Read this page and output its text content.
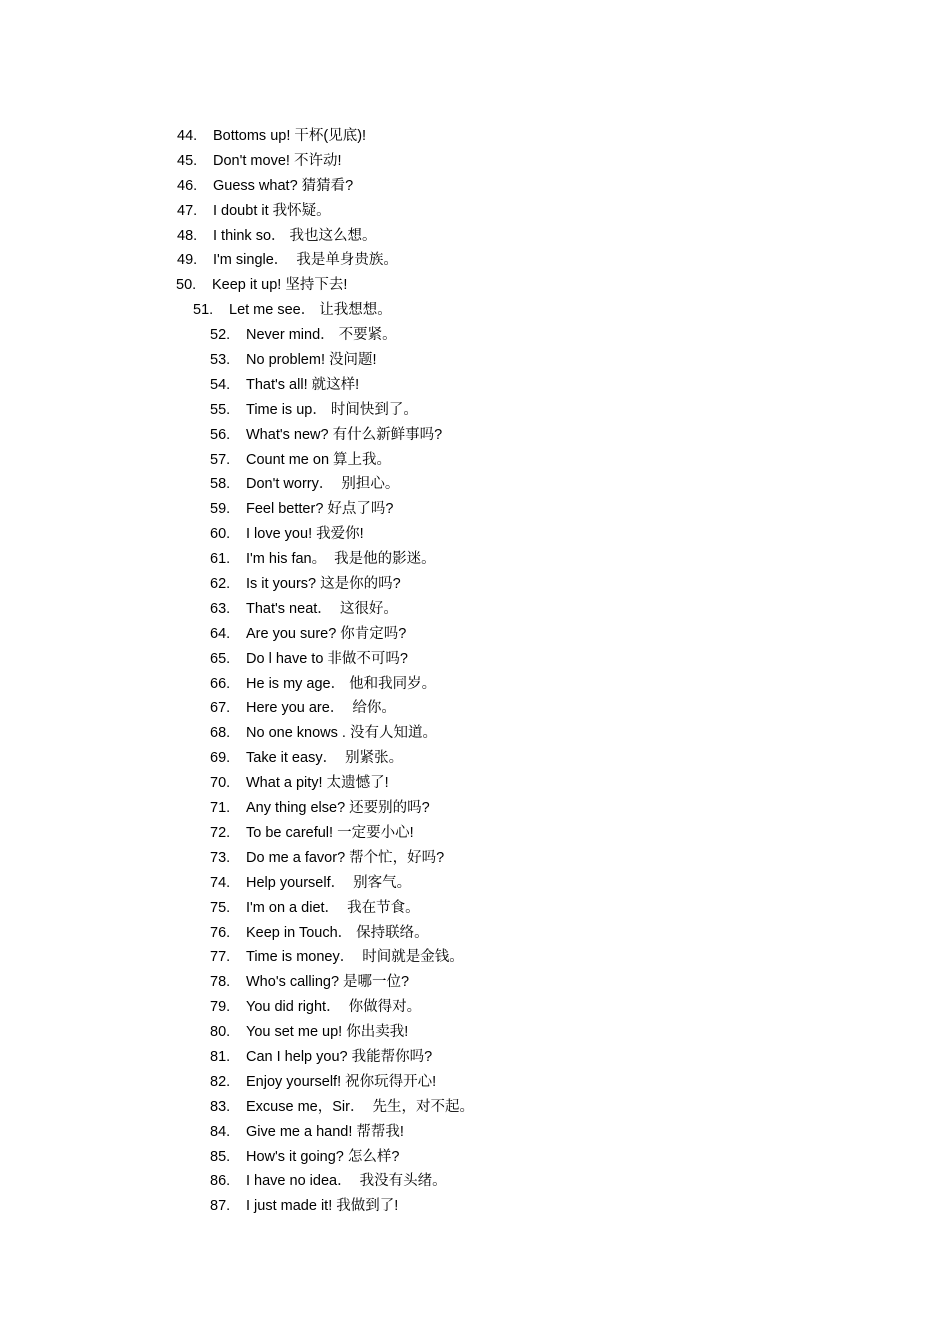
44. Bottoms up! 干杯(见底)!
45. Don't move! 不许动!
46. Guess what? 猜猜看?
47. I doubt it 我怀疑。
48. I think so． 我也这么想。
49. I'm single．  我是单身贵族。
50. Keep it up! 坚持下去!
51. Let me see． 让我想想。
52. Never mind． 不要紧。
53. No problem! 没问题!
54. That's all! 就这样!
55. Time is up． 时间快到了。
56. What's new? 有什么新鲜事吗?
57. Count me on 算上我。
58. Don't worry．  别担心。
59. Feel better? 好点了吗?
60. I love you! 我爱你!
61. I'm his fan。  我是他的影迷。
62. Is it yours? 这是你的吗?
63. That's neat．  这很好。
64. Are you sure? 你肯定吗?
65. Do l have to 非做不可吗?
66. He is my age． 他和我同岁。
67. Here you are．  给你。
68. No one knows . 没有人知道。
69. Take it easy．  别紧张。
70. What a pity! 太遗憾了!
71. Any thing else? 还要别的吗?
72. To be careful! 一定要小心!
73. Do me a favor? 帮个忙，好吗?
74. Help yourself．  别客气。
75. I'm on a diet．  我在节食。
76. Keep in Touch． 保持联络。
77. Time is money．  时间就是金钱。
78. Who's calling? 是哪一位?
79. You did right．  你做得对。
80. You set me up! 你出卖我!
81. Can I help you? 我能帮你吗?
82. Enjoy yourself! 祝你玩得开心!
83. Excuse me，Sir．  先生，对不起。
84. Give me a hand! 帮帮我!
85. How's it going? 怎么样?
86. I have no idea．  我没有头绪。
87. I just made it! 我做到了!
